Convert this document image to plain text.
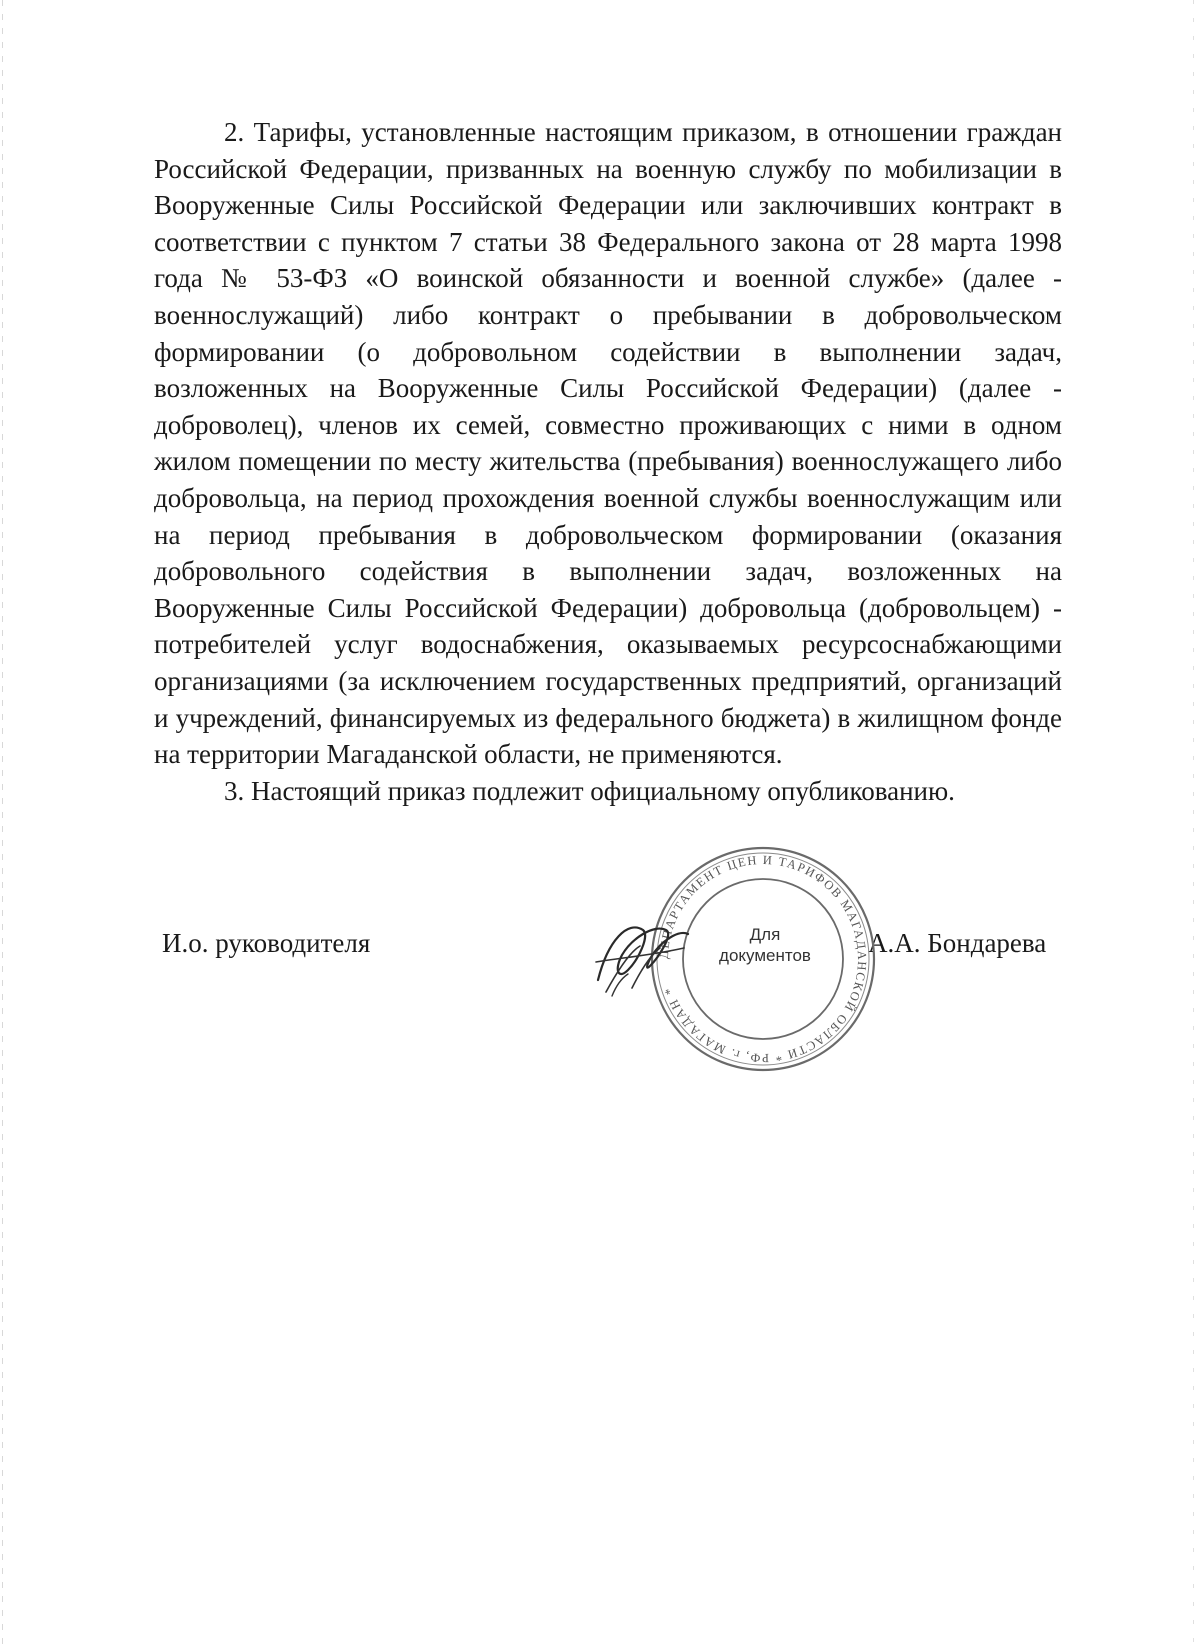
2. Тарифы, установленные настоящим приказом, в отношении граждан Российской Федерации, призванных на военную службу по мобилизации в Вооруженные Силы Российской Федерации или заключивших контракт в соответствии с пунктом 7 статьи 38 Федерального закона от 28 марта 1998 года № 53-ФЗ «О воинской обязанности и военной службе» (далее - военнослужащий) либо контракт о пребывании в добровольческом формировании (о добровольном содействии в выполнении задач, возложенных на Вооруженные Силы Российской Федерации) (далее - доброволец), членов их семей, совместно проживающих с ними в одном жилом помещении по месту жительства (пребывания) военнослужащего либо добровольца, на период прохождения военной службы военнослужащим или на период пребывания в добровольческом формировании (оказания добровольного содействия в выполнении задач, возложенных на Вооруженные Силы Российской Федерации) добровольца (добровольцем) - потребителей услуг водоснабжения, оказываемых ресурсоснабжающими организациями (за исключением государственных предприятий, организаций и учреждений, финансируемых из федерального бюджета) в жилищном фонде на территории Магаданской области, не применяются.

3. Настоящий приказ подлежит официальному опубликованию.

И.о. руководителя	А.А. Бондарева
ДЕПАРТАМЕНТ ЦЕН И ТАРИФОВ МАГАДАНСКОЙ ОБЛАСТИ * РФ, г. МАГАДАН *
Для
документов
